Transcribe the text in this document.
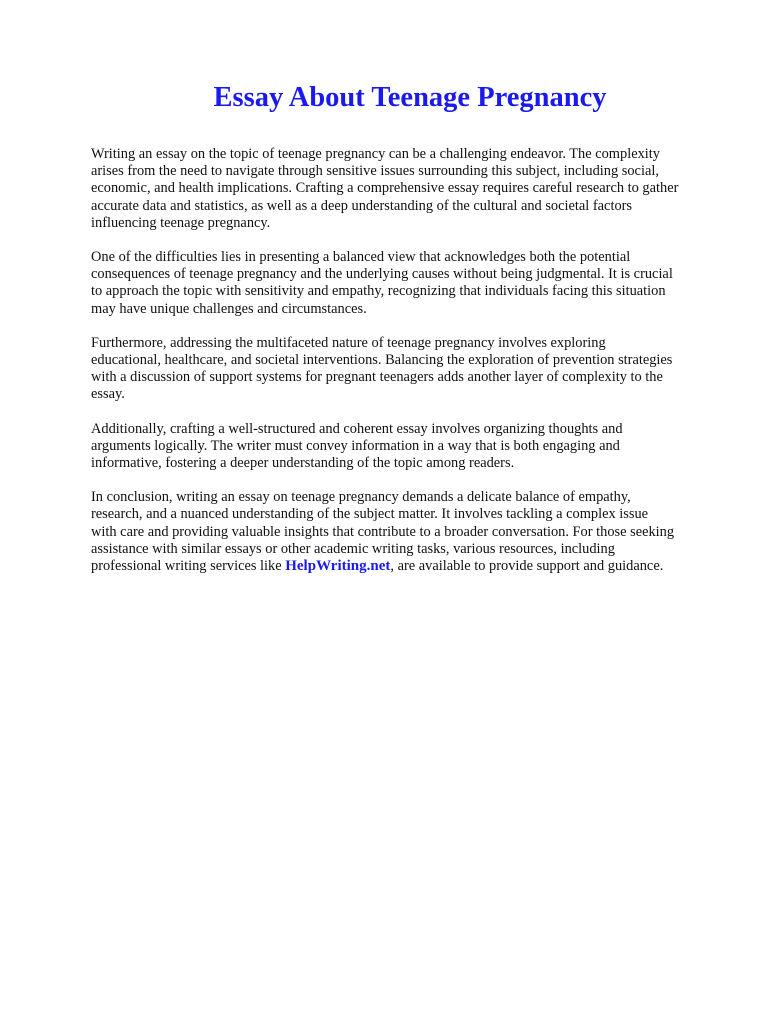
Essay About Teenage Pregnancy

Writing an essay on the topic of teenage pregnancy can be a challenging endeavor. The complexity
arises from the need to navigate through sensitive issues surrounding this subject, including social,
economic, and health implications. Crafting a comprehensive essay requires careful research to gather
accurate data and statistics, as well as a deep understanding of the cultural and societal factors
influencing teenage pregnancy.

One of the difficulties lies in presenting a balanced view that acknowledges both the potential
consequences of teenage pregnancy and the underlying causes without being judgmental. It is crucial
to approach the topic with sensitivity and empathy, recognizing that individuals facing this situation
may have unique challenges and circumstances.

Furthermore, addressing the multifaceted nature of teenage pregnancy involves exploring
educational, healthcare, and societal interventions. Balancing the exploration of prevention strategies
with a discussion of support systems for pregnant teenagers adds another layer of complexity to the
essay.

Additionally, crafting a well-structured and coherent essay involves organizing thoughts and
arguments logically. The writer must convey information in a way that is both engaging and
informative, fostering a deeper understanding of the topic among readers.

In conclusion, writing an essay on teenage pregnancy demands a delicate balance of empathy,
research, and a nuanced understanding of the subject matter. It involves tackling a complex issue
with care and providing valuable insights that contribute to a broader conversation. For those seeking
assistance with similar essays or other academic writing tasks, various resources, including
professional writing services like HelpWriting.net, are available to provide support and guidance.
